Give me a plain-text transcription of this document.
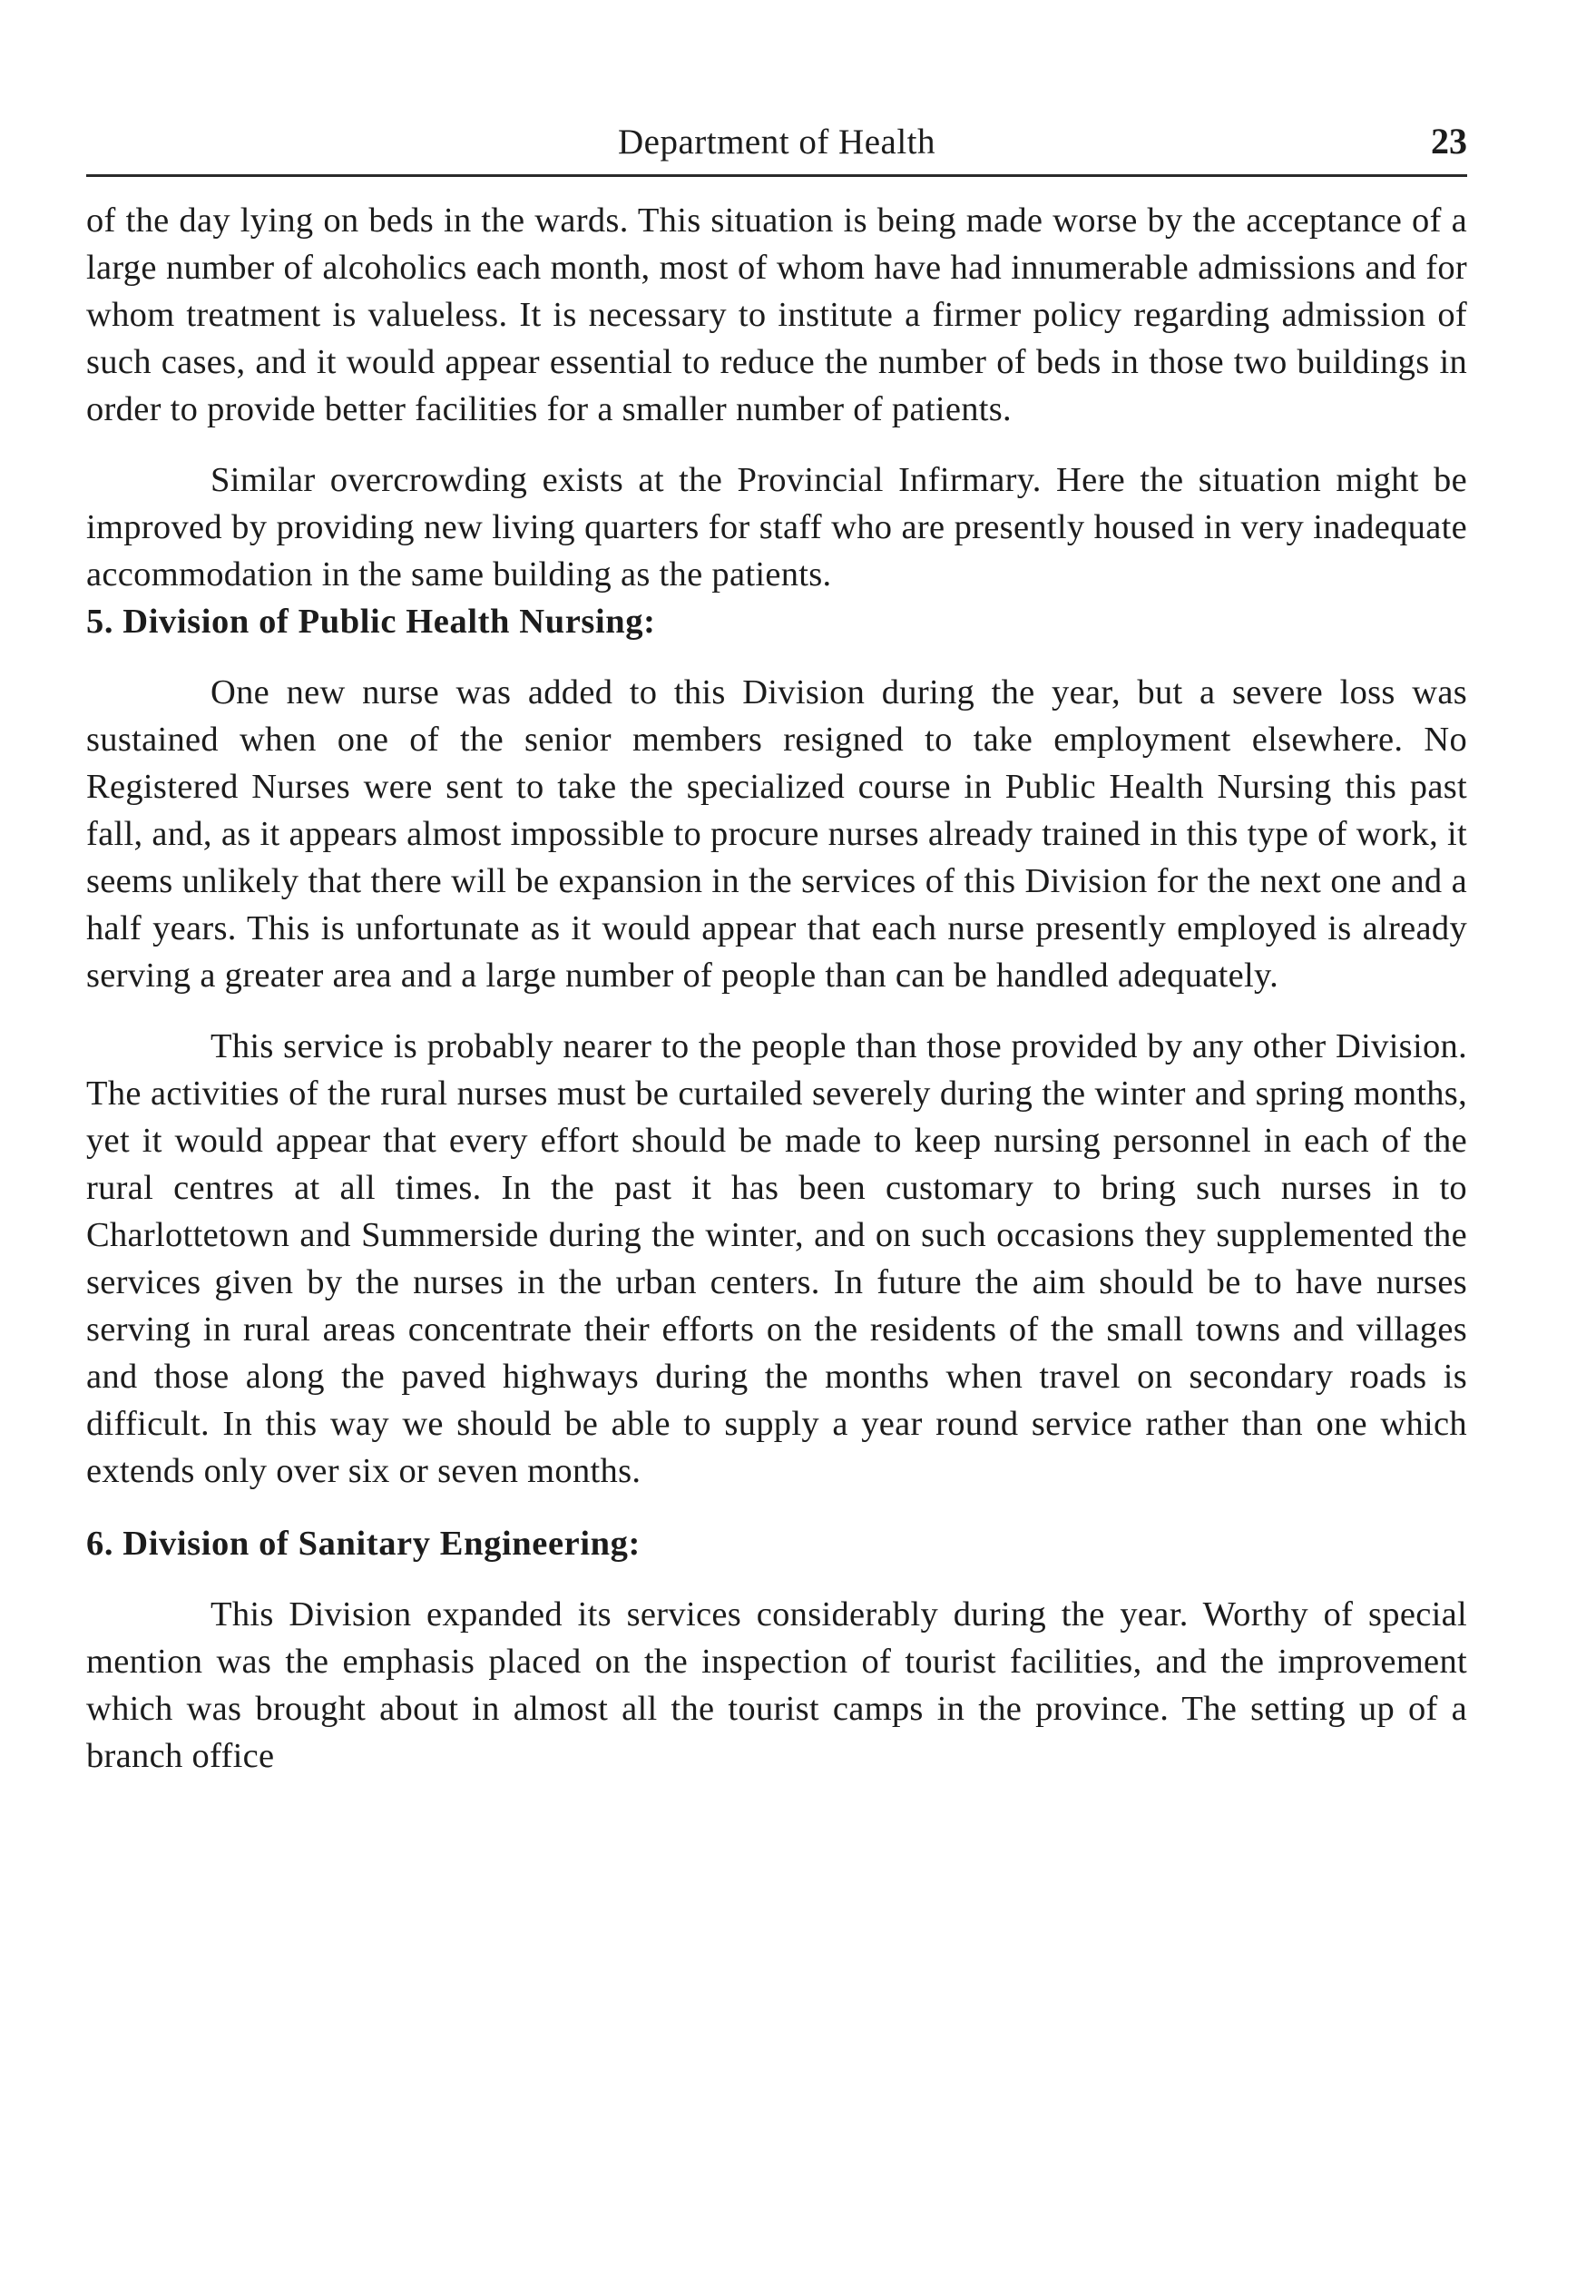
Department of Health	23

of the day lying on beds in the wards. This situation is being made worse by the acceptance of a large number of alcoholics each month, most of whom have had innumerable admissions and for whom treatment is valueless. It is necessary to institute a firmer policy regarding admission of such cases, and it would appear essential to reduce the number of beds in those two buildings in order to provide better facilities for a smaller number of patients.

Similar overcrowding exists at the Provincial Infirmary. Here the situation might be improved by providing new living quarters for staff who are presently housed in very inadequate accommodation in the same building as the patients.

5. Division of Public Health Nursing:

One new nurse was added to this Division during the year, but a severe loss was sustained when one of the senior members resigned to take employment elsewhere. No Registered Nurses were sent to take the specialized course in Public Health Nursing this past fall, and, as it appears almost impossible to procure nurses already trained in this type of work, it seems unlikely that there will be expansion in the services of this Division for the next one and a half years. This is unfortunate as it would appear that each nurse presently employed is already serving a greater area and a large number of people than can be handled adequately.

This service is probably nearer to the people than those provided by any other Division. The activities of the rural nurses must be curtailed severely during the winter and spring months, yet it would appear that every effort should be made to keep nursing personnel in each of the rural centres at all times. In the past it has been customary to bring such nurses in to Charlottetown and Summerside during the winter, and on such occasions they supplemented the services given by the nurses in the urban centers. In future the aim should be to have nurses serving in rural areas concentrate their efforts on the residents of the small towns and villages and those along the paved highways during the months when travel on secondary roads is difficult. In this way we should be able to supply a year round service rather than one which extends only over six or seven months.

6. Division of Sanitary Engineering:

This Division expanded its services considerably during the year. Worthy of special mention was the emphasis placed on the inspection of tourist facilities, and the improvement which was brought about in almost all the tourist camps in the province. The setting up of a branch office
